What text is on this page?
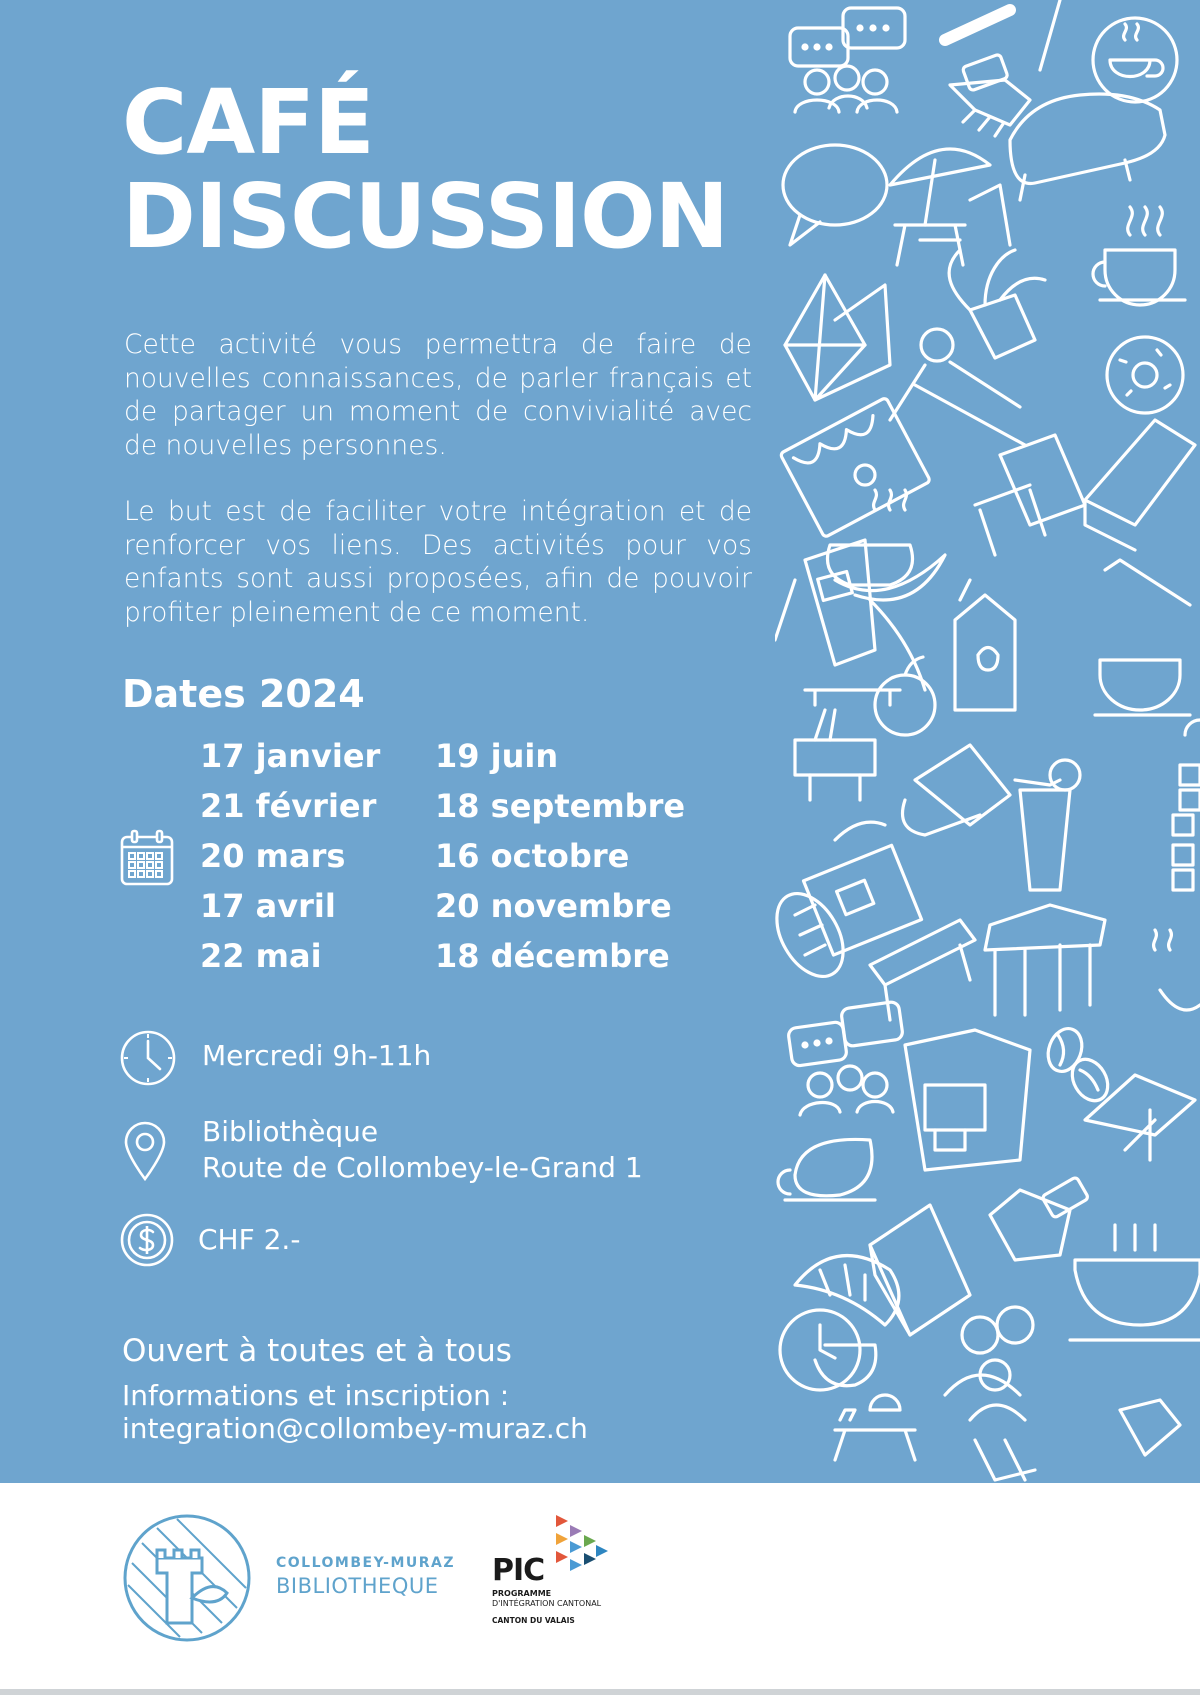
CAFÉ
DISCUSSION

Cette activité vous permettra de faire de nouvelles connaissances, de parler français et de partager un moment de convivialité avec de nouvelles personnes.

Le but est de faciliter votre intégration et de renforcer vos liens. Des activités pour vos enfants sont aussi proposées, afin de pouvoir profiter pleinement de ce moment.

Dates 2024
17 janvier
21 février
20 mars
17 avril
22 mai
19 juin
18 septembre
16 octobre
20 novembre
18 décembre
Mercredi 9h-11h
Bibliothèque
Route de Collombey-le-Grand 1
CHF 2.-
Ouvert à toutes et à tous
Informations et inscription :
integration@collombey-muraz.ch
COLLOMBEY-MURAZ
BIBLIOTHEQUE PIC
PROGRAMME
D'INTÉGRATION CANTONAL
CANTON DU VALAIS
